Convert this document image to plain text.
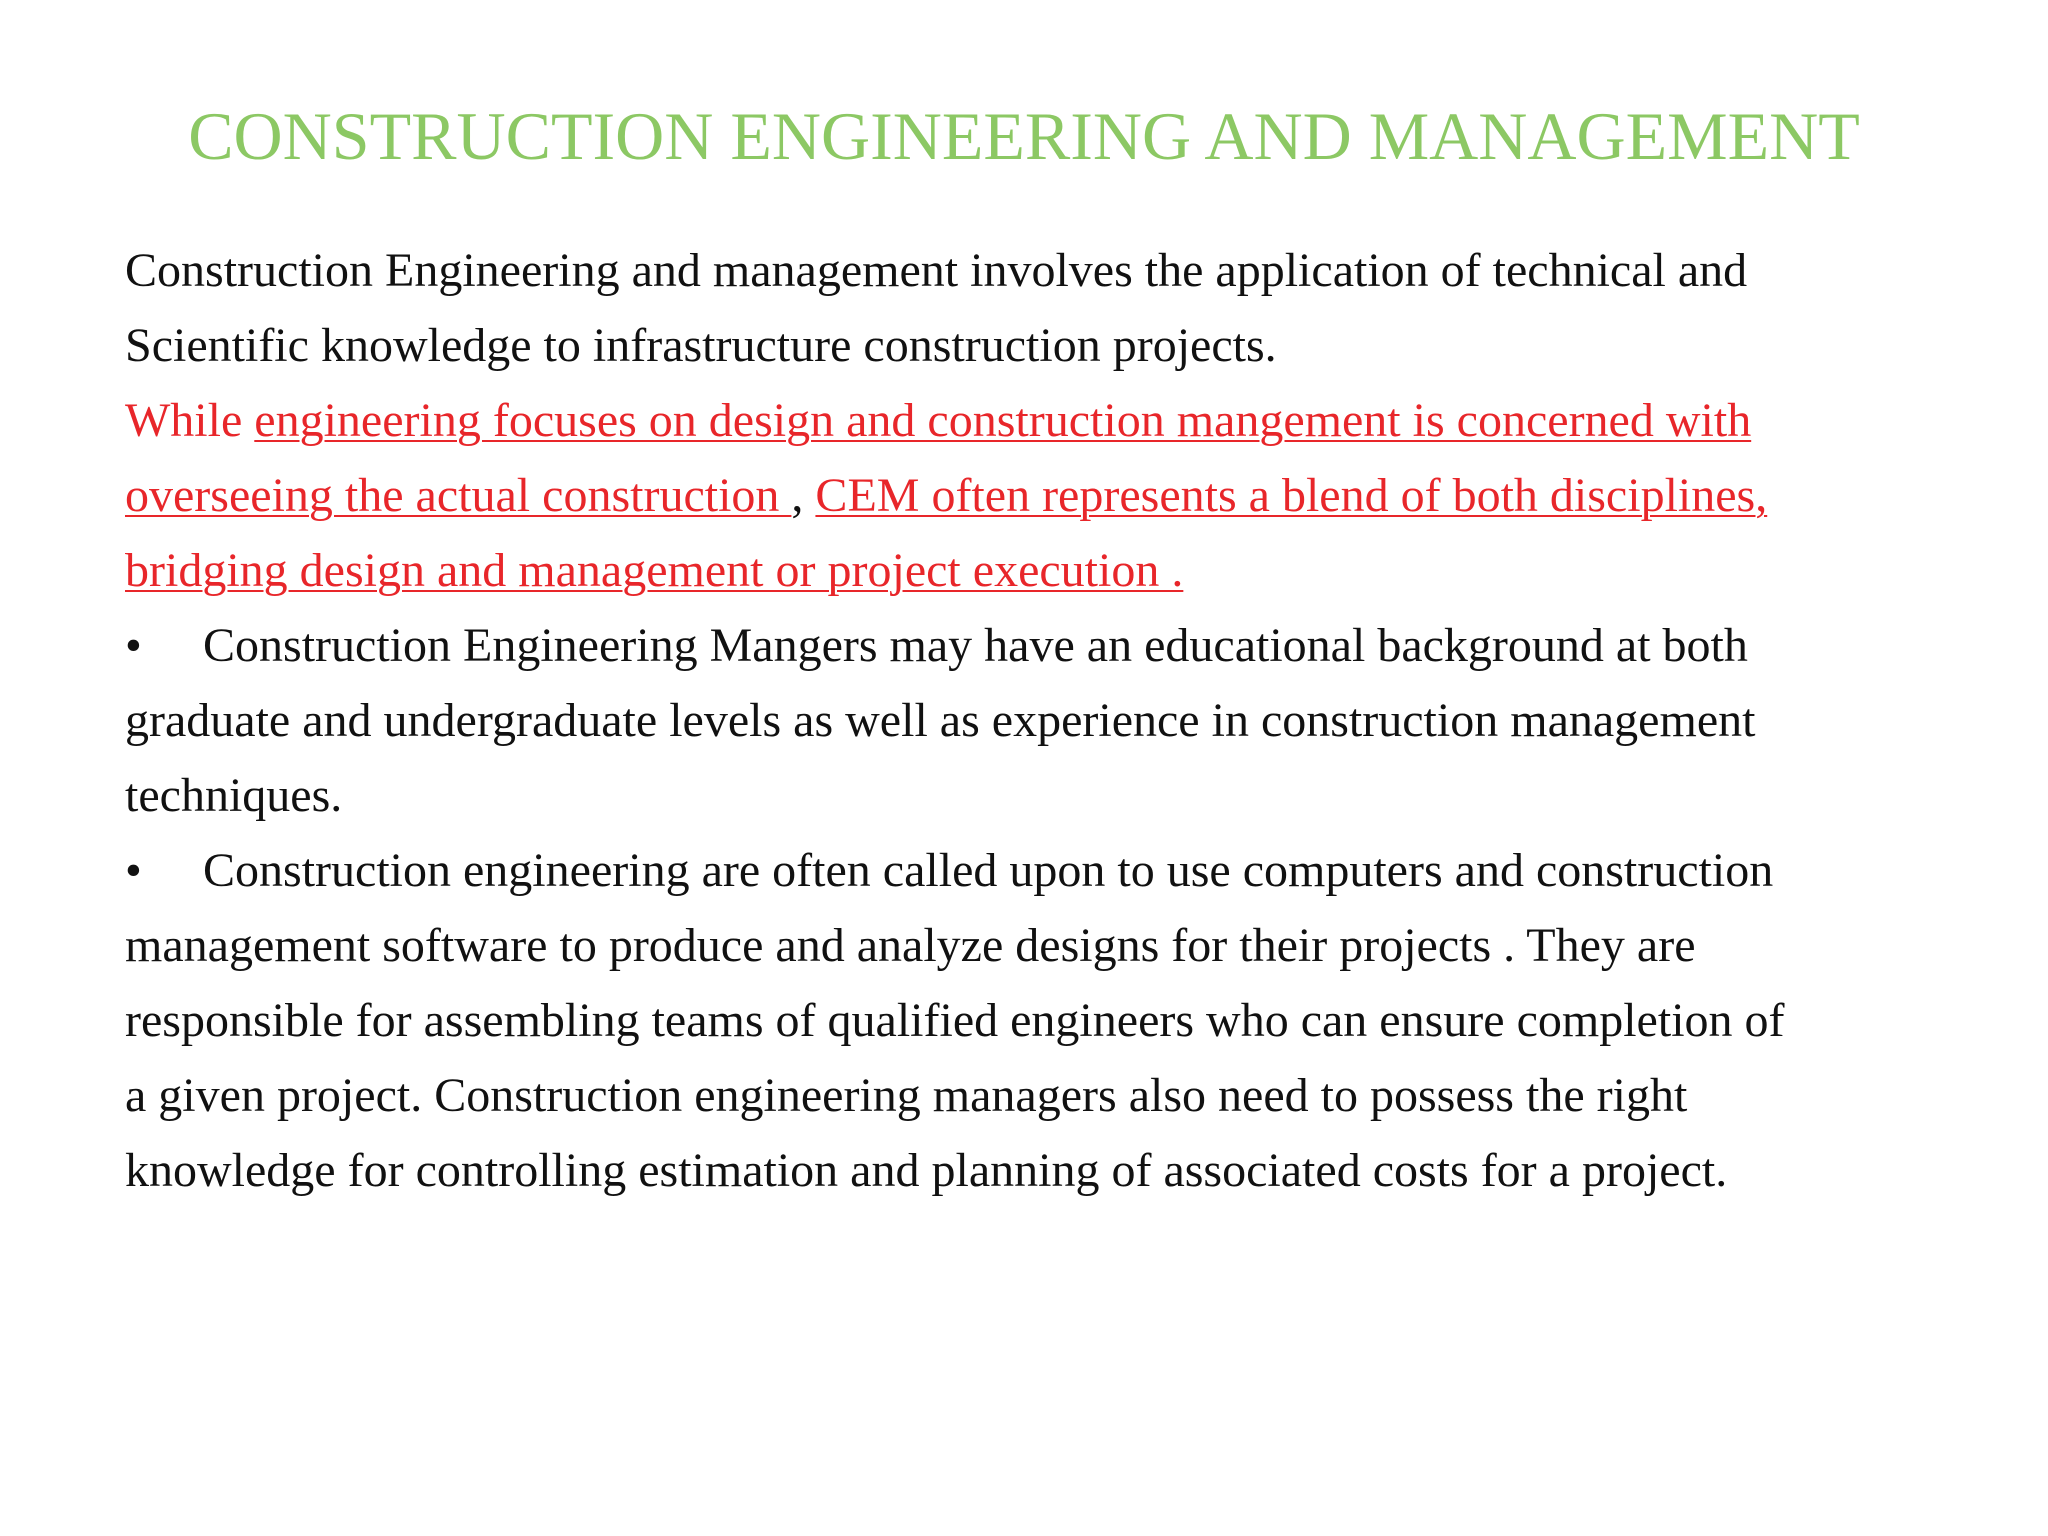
CONSTRUCTION ENGINEERING AND MANAGEMENT
Construction Engineering and management involves the application of technical and
Scientific knowledge to infrastructure construction projects.
While engineering focuses on design and construction mangement is concerned with
overseeing the actual construction , CEM often represents a blend of both disciplines,
bridging design and management or project execution .
• Construction Engineering Mangers may have an educational background at both
graduate and undergraduate levels as well as experience in construction management
techniques.
• Construction engineering are often called upon to use computers and construction
management software to produce and analyze designs for their projects . They are
responsible for assembling teams of qualified engineers who can ensure completion of
a given project. Construction engineering managers also need to possess the right
knowledge for controlling estimation and planning of associated costs for a project.
